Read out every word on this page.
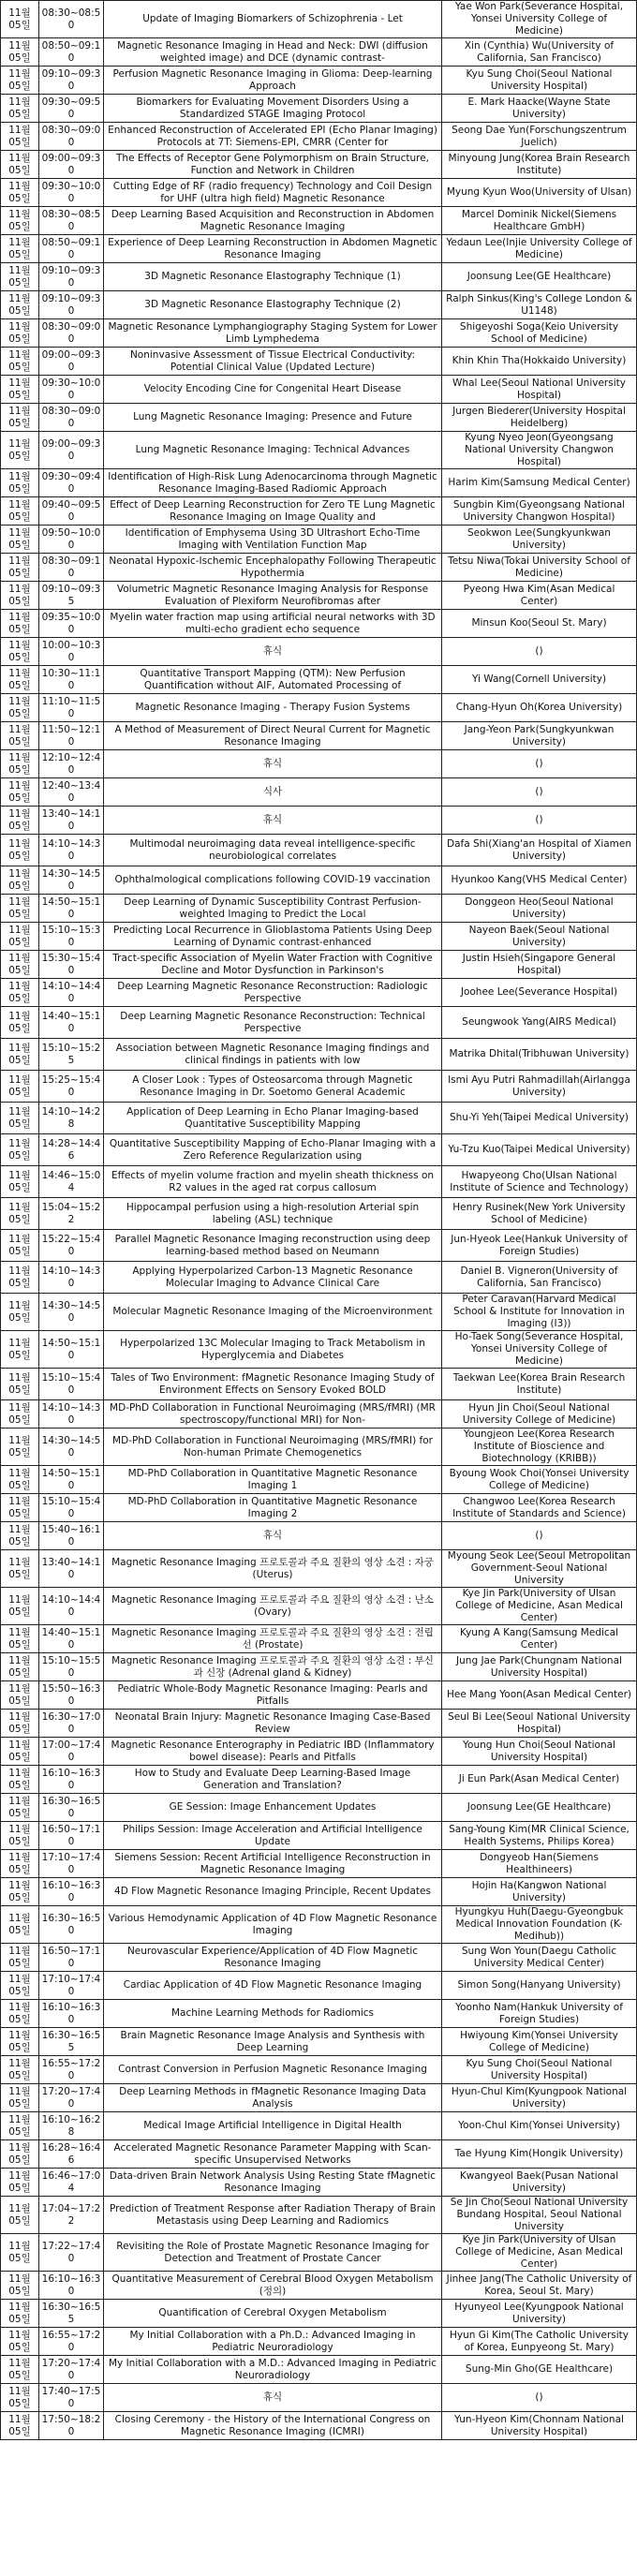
11월 05일	08:30~08:50	Update of Imaging Biomarkers of Schizophrenia - Let	Yae Won Park(Severance Hospital, Yonsei University College of Medicine)
11월 05일	08:50~09:10	Magnetic Resonance Imaging in Head and Neck: DWI (diffusion weighted image) and DCE (dynamic contrast-	Xin (Cynthia) Wu(University of California, San Francisco)
11월 05일	09:10~09:30	Perfusion Magnetic Resonance Imaging in Glioma: Deep-learning Approach	Kyu Sung Choi(Seoul National University Hospital)
11월 05일	09:30~09:50	Biomarkers for Evaluating Movement Disorders Using a Standardized STAGE Imaging Protocol	E. Mark Haacke(Wayne State University)
11월 05일	08:30~09:00	Enhanced Reconstruction of Accelerated EPI (Echo Planar Imaging) Protocols at 7T: Siemens-EPI, CMRR (Center for	Seong Dae Yun(Forschungszentrum Juelich)
11월 05일	09:00~09:30	The Effects of Receptor Gene Polymorphism on Brain Structure, Function and Network in Children	Minyoung Jung(Korea Brain Research Institute)
11월 05일	09:30~10:00	Cutting Edge of RF (radio frequency) Technology and Coil Design for UHF (ultra high field) Magnetic Resonance	Myung Kyun Woo(University of Ulsan)
11월 05일	08:30~08:50	Deep Learning Based Acquisition and Reconstruction in Abdomen Magnetic Resonance Imaging	Marcel Dominik Nickel(Siemens Healthcare GmbH)
11월 05일	08:50~09:10	Experience of Deep Learning Reconstruction in Abdomen Magnetic Resonance Imaging	Yedaun Lee(Injie University College of Medicine)
11월 05일	09:10~09:30	3D Magnetic Resonance Elastography Technique (1)	Joonsung Lee(GE Healthcare)
11월 05일	09:10~09:30	3D Magnetic Resonance Elastography Technique (2)	Ralph Sinkus(King's College London & U1148)
11월 05일	08:30~09:00	Magnetic Resonance Lymphangiography Staging System for Lower Limb Lymphedema	Shigeyoshi Soga(Keio University School of Medicine)
11월 05일	09:00~09:30	Noninvasive Assessment of Tissue Electrical Conductivity: Potential Clinical Value (Updated Lecture)	Khin Khin Tha(Hokkaido University)
11월 05일	09:30~10:00	Velocity Encoding Cine for Congenital Heart Disease	Whal Lee(Seoul National University Hospital)
11월 05일	08:30~09:00	Lung Magnetic Resonance Imaging: Presence and Future	Jurgen Biederer(University Hospital Heidelberg)
11월 05일	09:00~09:30	Lung Magnetic Resonance Imaging: Technical Advances	Kyung Nyeo Jeon(Gyeongsang National University Changwon Hospital)
11월 05일	09:30~09:40	Identification of High-Risk Lung Adenocarcinoma through Magnetic Resonance Imaging-Based Radiomic Approach	Harim Kim(Samsung Medical Center)
11월 05일	09:40~09:50	Effect of Deep Learning Reconstruction for Zero TE Lung Magnetic Resonance Imaging on Image Quality and	Sungbin Kim(Gyeongsang National University Changwon Hospital)
11월 05일	09:50~10:00	Identification of Emphysema Using 3D Ultrashort Echo-Time Imaging with Ventilation Function Map	Seokwon Lee(Sungkyunkwan University)
11월 05일	08:30~09:10	Neonatal Hypoxic-Ischemic Encephalopathy Following Therapeutic Hypothermia	Tetsu Niwa(Tokai University School of Medicine)
11월 05일	09:10~09:35	Volumetric Magnetic Resonance Imaging Analysis for Response Evaluation of Plexiform Neurofibromas after	Pyeong Hwa Kim(Asan Medical Center)
11월 05일	09:35~10:00	Myelin water fraction map using artificial neural networks with 3D multi-echo gradient echo sequence	Minsun Koo(Seoul St. Mary)
11월 05일	10:00~10:30	휴식	()
11월 05일	10:30~11:10	Quantitative Transport Mapping (QTM): New Perfusion Quantification without AIF, Automated Processing of	Yi Wang(Cornell University)
11월 05일	11:10~11:50	Magnetic Resonance Imaging - Therapy Fusion Systems	Chang-Hyun Oh(Korea University)
11월 05일	11:50~12:10	A Method of Measurement of Direct Neural Current for Magnetic Resonance Imaging	Jang-Yeon Park(Sungkyunkwan University)
11월 05일	12:10~12:40	휴식	()
11월 05일	12:40~13:40	식사	()
11월 05일	13:40~14:10	휴식	()
11월 05일	14:10~14:30	Multimodal neuroimaging data reveal intelligence-specific neurobiological correlates	Dafa Shi(Xiang'an Hospital of Xiamen University)
11월 05일	14:30~14:50	Ophthalmological complications following COVID-19 vaccination	Hyunkoo Kang(VHS Medical Center)
11월 05일	14:50~15:10	Deep Learning of Dynamic Susceptibility Contrast Perfusion-weighted Imaging to Predict the Local	Donggeon Heo(Seoul National University)
11월 05일	15:10~15:30	Predicting Local Recurrence in Glioblastoma Patients Using Deep Learning of Dynamic contrast-enhanced	Nayeon Baek(Seoul National University)
11월 05일	15:30~15:40	Tract-specific Association of Myelin Water Fraction with Cognitive Decline and Motor Dysfunction in Parkinson's	Justin Hsieh(Singapore General Hospital)
11월 05일	14:10~14:40	Deep Learning Magnetic Resonance Reconstruction: Radiologic Perspective	Joohee Lee(Severance Hospital)
11월 05일	14:40~15:10	Deep Learning Magnetic Resonance Reconstruction: Technical Perspective	Seungwook Yang(AIRS Medical)
11월 05일	15:10~15:25	Association between Magnetic Resonance Imaging findings and clinical findings in patients with low	Matrika Dhital(Tribhuwan University)
11월 05일	15:25~15:40	A Closer Look : Types of Osteosarcoma through Magnetic Resonance Imaging in Dr. Soetomo General Academic	Ismi Ayu Putri Rahmadillah(Airlangga University)
11월 05일	14:10~14:28	Application of Deep Learning in Echo Planar Imaging-based Quantitative Susceptibility Mapping	Shu-Yi Yeh(Taipei Medical University)
11월 05일	14:28~14:46	Quantitative Susceptibility Mapping of Echo-Planar Imaging with a Zero Reference Regularization using	Yu-Tzu Kuo(Taipei Medical University)
11월 05일	14:46~15:04	Effects of myelin volume fraction and myelin sheath thickness on R2 values in the aged rat corpus callosum	Hwapyeong Cho(Ulsan National Institute of Science and Technology)
11월 05일	15:04~15:22	Hippocampal perfusion using a high-resolution Arterial spin labeling (ASL) technique	Henry Rusinek(New York University School of Medicine)
11월 05일	15:22~15:40	Parallel Magnetic Resonance Imaging reconstruction using deep learning-based method based on Neumann	Jun-Hyeok Lee(Hankuk University of Foreign Studies)
11월 05일	14:10~14:30	Applying Hyperpolarized Carbon-13 Magnetic Resonance Molecular Imaging to Advance Clinical Care	Daniel B. Vigneron(University of California, San Francisco)
11월 05일	14:30~14:50	Molecular Magnetic Resonance Imaging of the Microenvironment	Peter Caravan(Harvard Medical School & Institute for Innovation in Imaging (I3))
11월 05일	14:50~15:10	Hyperpolarized 13C Molecular Imaging to Track Metabolism in Hyperglycemia and Diabetes	Ho-Taek Song(Severance Hospital, Yonsei University College of Medicine)
11월 05일	15:10~15:40	Tales of Two Environment: fMagnetic Resonance Imaging Study of Environment Effects on Sensory Evoked BOLD	Taekwan Lee(Korea Brain Research Institute)
11월 05일	14:10~14:30	MD-PhD Collaboration in Functional Neuroimaging (MRS/fMRI) (MR spectroscopy/functional MRI) for Non-	Hyun Jin Choi(Seoul National University College of Medicine)
11월 05일	14:30~14:50	MD-PhD Collaboration in Functional Neuroimaging (MRS/fMRI) for Non-human Primate Chemogenetics	Youngjeon Lee(Korea Research Institute of Bioscience and Biotechnology (KRIBB))
11월 05일	14:50~15:10	MD-PhD Collaboration in Quantitative Magnetic Resonance Imaging 1	Byoung Wook Choi(Yonsei University College of Medicine)
11월 05일	15:10~15:40	MD-PhD Collaboration in Quantitative Magnetic Resonance Imaging 2	Changwoo Lee(Korea Research Institute of Standards and Science)
11월 05일	15:40~16:10	휴식	()
11월 05일	13:40~14:10	Magnetic Resonance Imaging 프로토콜과 주요 질환의 영상 소견 : 자궁 (Uterus)	Myoung Seok Lee(Seoul Metropolitan Government-Seoul National University
11월 05일	14:10~14:40	Magnetic Resonance Imaging 프로토콜과 주요 질환의 영상 소견 : 난소 (Ovary)	Kye Jin Park(University of Ulsan College of Medicine, Asan Medical Center)
11월 05일	14:40~15:10	Magnetic Resonance Imaging 프로토콜과 주요 질환의 영상 소견 : 전립선 (Prostate)	Kyung A Kang(Samsung Medical Center)
11월 05일	15:10~15:50	Magnetic Resonance Imaging 프로토콜과 주요 질환의 영상 소견 : 부신과 신장 (Adrenal gland & Kidney)	Jung Jae Park(Chungnam National University Hospital)
11월 05일	15:50~16:30	Pediatric Whole-Body Magnetic Resonance Imaging: Pearls and Pitfalls	Hee Mang Yoon(Asan Medical Center)
11월 05일	16:30~17:00	Neonatal Brain Injury: Magnetic Resonance Imaging Case-Based Review	Seul Bi Lee(Seoul National University Hospital)
11월 05일	17:00~17:40	Magnetic Resonance Enterography in Pediatric IBD (Inflammatory bowel disease): Pearls and Pitfalls	Young Hun Choi(Seoul National University Hospital)
11월 05일	16:10~16:30	How to Study and Evaluate Deep Learning-Based Image Generation and Translation?	Ji Eun Park(Asan Medical Center)
11월 05일	16:30~16:50	GE Session: Image Enhancement Updates	Joonsung Lee(GE Healthcare)
11월 05일	16:50~17:10	Philips Session: Image Acceleration and Artificial Intelligence Update	Sang-Young Kim(MR Clinical Science, Health Systems, Philips Korea)
11월 05일	17:10~17:40	Siemens Session: Recent Artificial Intelligence Reconstruction in Magnetic Resonance Imaging	Dongyeob Han(Siemens Healthineers)
11월 05일	16:10~16:30	4D Flow Magnetic Resonance Imaging Principle, Recent Updates	Hojin Ha(Kangwon National University)
11월 05일	16:30~16:50	Various Hemodynamic Application of 4D Flow Magnetic Resonance Imaging	Hyungkyu Huh(Daegu-Gyeongbuk Medical Innovation Foundation (K-Medihub))
11월 05일	16:50~17:10	Neurovascular Experience/Application of 4D Flow Magnetic Resonance Imaging	Sung Won Youn(Daegu Catholic University Medical Center)
11월 05일	17:10~17:40	Cardiac Application of 4D Flow Magnetic Resonance Imaging	Simon Song(Hanyang University)
11월 05일	16:10~16:30	Machine Learning Methods for Radiomics	Yoonho Nam(Hankuk University of Foreign Studies)
11월 05일	16:30~16:55	Brain Magnetic Resonance Image Analysis and Synthesis with Deep Learning	Hwiyoung Kim(Yonsei University College of Medicine)
11월 05일	16:55~17:20	Contrast Conversion in Perfusion Magnetic Resonance Imaging	Kyu Sung Choi(Seoul National University Hospital)
11월 05일	17:20~17:40	Deep Learning Methods in fMagnetic Resonance Imaging Data Analysis	Hyun-Chul Kim(Kyungpook National University)
11월 05일	16:10~16:28	Medical Image Artificial Intelligence in Digital Health	Yoon-Chul Kim(Yonsei University)
11월 05일	16:28~16:46	Accelerated Magnetic Resonance Parameter Mapping with Scan-specific Unsupervised Networks	Tae Hyung Kim(Hongik University)
11월 05일	16:46~17:04	Data-driven Brain Network Analysis Using Resting State fMagnetic Resonance Imaging	Kwangyeol Baek(Pusan National University)
11월 05일	17:04~17:22	Prediction of Treatment Response after Radiation Therapy of Brain Metastasis using Deep Learning and Radiomics	Se Jin Cho(Seoul National University Bundang Hospital, Seoul National University
11월 05일	17:22~17:40	Revisiting the Role of Prostate Magnetic Resonance Imaging for Detection and Treatment of Prostate Cancer	Kye Jin Park(University of Ulsan College of Medicine, Asan Medical Center)
11월 05일	16:10~16:30	Quantitative Measurement of Cerebral Blood Oxygen Metabolism (정의)	Jinhee Jang(The Catholic University of Korea, Seoul St. Mary)
11월 05일	16:30~16:55	Quantification of Cerebral Oxygen Metabolism	Hyunyeol Lee(Kyungpook National University)
11월 05일	16:55~17:20	My Initial Collaboration with a Ph.D.: Advanced Imaging in Pediatric Neuroradiology	Hyun Gi Kim(The Catholic University of Korea, Eunpyeong St. Mary)
11월 05일	17:20~17:40	My Initial Collaboration with a M.D.: Advanced Imaging in Pediatric Neuroradiology	Sung-Min Gho(GE Healthcare)
11월 05일	17:40~17:50	휴식	()
11월 05일	17:50~18:20	Closing Ceremony - the History of the International Congress on Magnetic Resonance Imaging (ICMRI)	Yun-Hyeon Kim(Chonnam National University Hospital)
